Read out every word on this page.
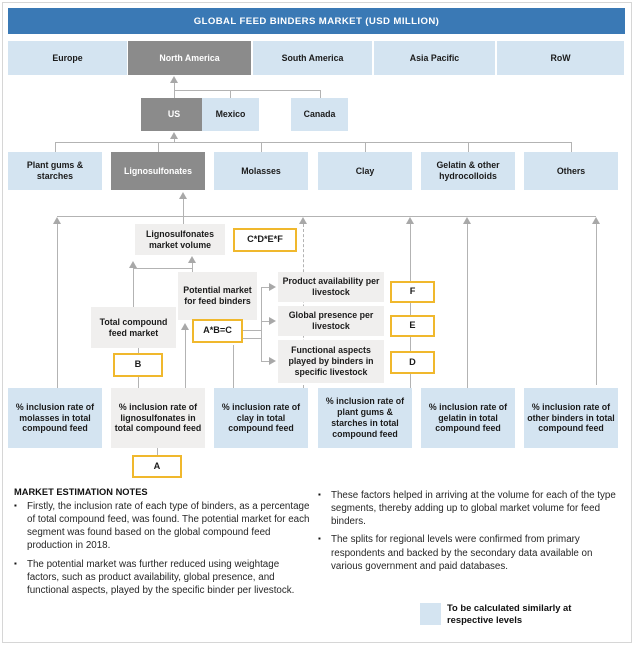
GLOBAL FEED BINDERS MARKET (USD MILLION)
Europe	North America	South America	Asia Pacific	RoW
US	Mexico	Canada
Plant gums & starches
Lignosulfonates	Molasses	Clay
Gelatin & other hydrocolloids
Others
Lignosulfonates market volume
C*D*E*F
Potential market for feed binders
A*B=C
Total compound feed market
B
Product availability per livestock
Global presence per livestock
Functional aspects played by binders in specific livestock
F
E
D
% inclusion rate of molasses in total compound feed
% inclusion rate of lignosulfonates in total compound feed
% inclusion rate of clay in total compound feed
% inclusion rate of plant gums & starches in total compound feed
% inclusion rate of gelatin in total compound feed
% inclusion rate of other binders in total compound feed
A
MARKET ESTIMATION NOTES
▪	Firstly, the inclusion rate of each type of binders, as a percentage of total compound feed, was found. The potential market for each segment was found based on the global compound feed production in 2018.
▪	The potential market was further reduced using weightage factors, such as product availability, global presence, and functional aspects, played by the specific binder per livestock.
▪	These factors helped in arriving at the volume for each of the type segments, thereby adding up to global market volume for feed binders.
▪	The splits for regional levels were confirmed from primary respondents and backed by the secondary data available on various government and paid databases.
To be calculated similarly at respective levels
